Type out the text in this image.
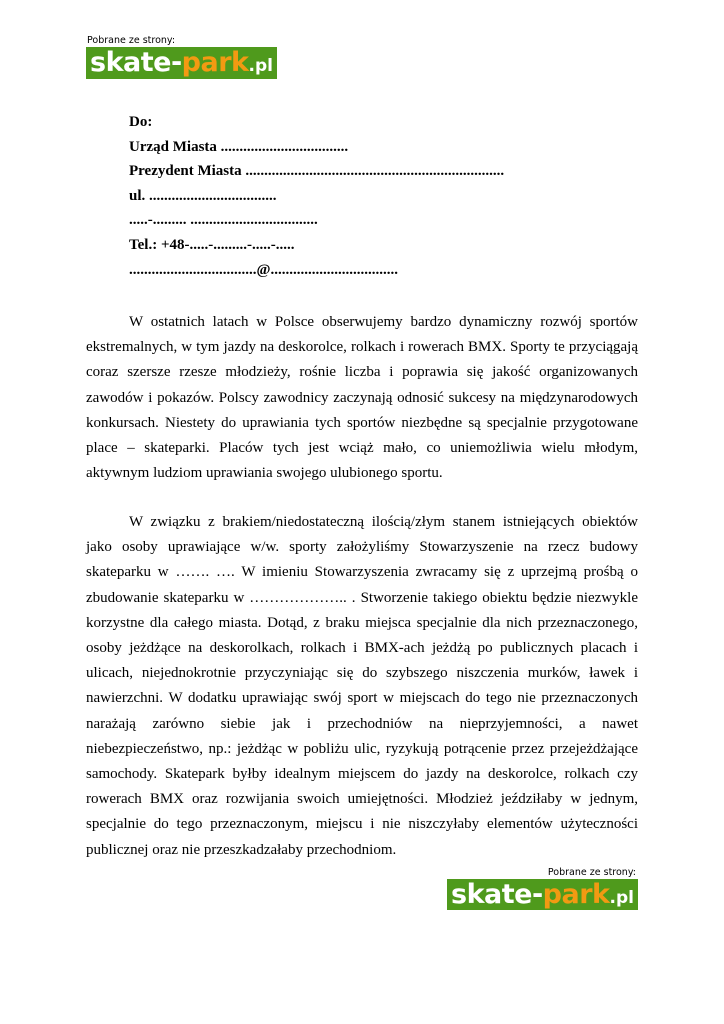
Pobrane ze strony:
skate-park.pl
Do:
Urząd Miasta ..................................
Prezydent Miasta .....................................................................
ul. ..................................
.....-......... ..................................
Tel.: +48-.....-.........-.....-.....
..................................@..................................

W ostatnich latach w Polsce obserwujemy bardzo dynamiczny rozwój sportów ekstremalnych, w tym jazdy na deskorolce, rolkach i rowerach BMX. Sporty te przyciągają coraz szersze rzesze młodzieży, rośnie liczba i poprawia się jakość organizowanych zawodów i pokazów. Polscy zawodnicy zaczynają odnosić sukcesy na międzynarodowych konkursach. Niestety do uprawiania tych sportów niezbędne są specjalnie przygotowane place – skateparki. Placów tych jest wciąż mało, co uniemożliwia wielu młodym, aktywnym ludziom uprawiania swojego ulubionego sportu.

W związku z brakiem/niedostateczną ilością/złym stanem istniejących obiektów jako osoby uprawiające w/w. sporty założyliśmy Stowarzyszenie na rzecz budowy skateparku w ……. …. W imieniu Stowarzyszenia zwracamy się z uprzejmą prośbą o zbudowanie skateparku w ……………….. . Stworzenie takiego obiektu będzie niezwykle korzystne dla całego miasta. Dotąd, z braku miejsca specjalnie dla nich przeznaczonego, osoby jeżdżące na deskorolkach, rolkach i BMX-ach jeżdżą po publicznych placach i ulicach, niejednokrotnie przyczyniając się do szybszego niszczenia murków, ławek i nawierzchni. W dodatku uprawiając swój sport w miejscach do tego nie przeznaczonych narażają zarówno siebie jak i przechodniów na nieprzyjemności, a nawet niebezpieczeństwo, np.: jeżdżąc w pobliżu ulic, ryzykują potrącenie przez przejeżdżające samochody. Skatepark byłby idealnym miejscem do jazdy na deskorolce, rolkach czy rowerach BMX oraz rozwijania swoich umiejętności. Młodzież jeździłaby w jednym, specjalnie do tego przeznaczonym, miejscu i nie niszczyłaby elementów użyteczności publicznej oraz nie przeszkadzałaby przechodniom.

Pobrane ze strony:
skate-park.pl
